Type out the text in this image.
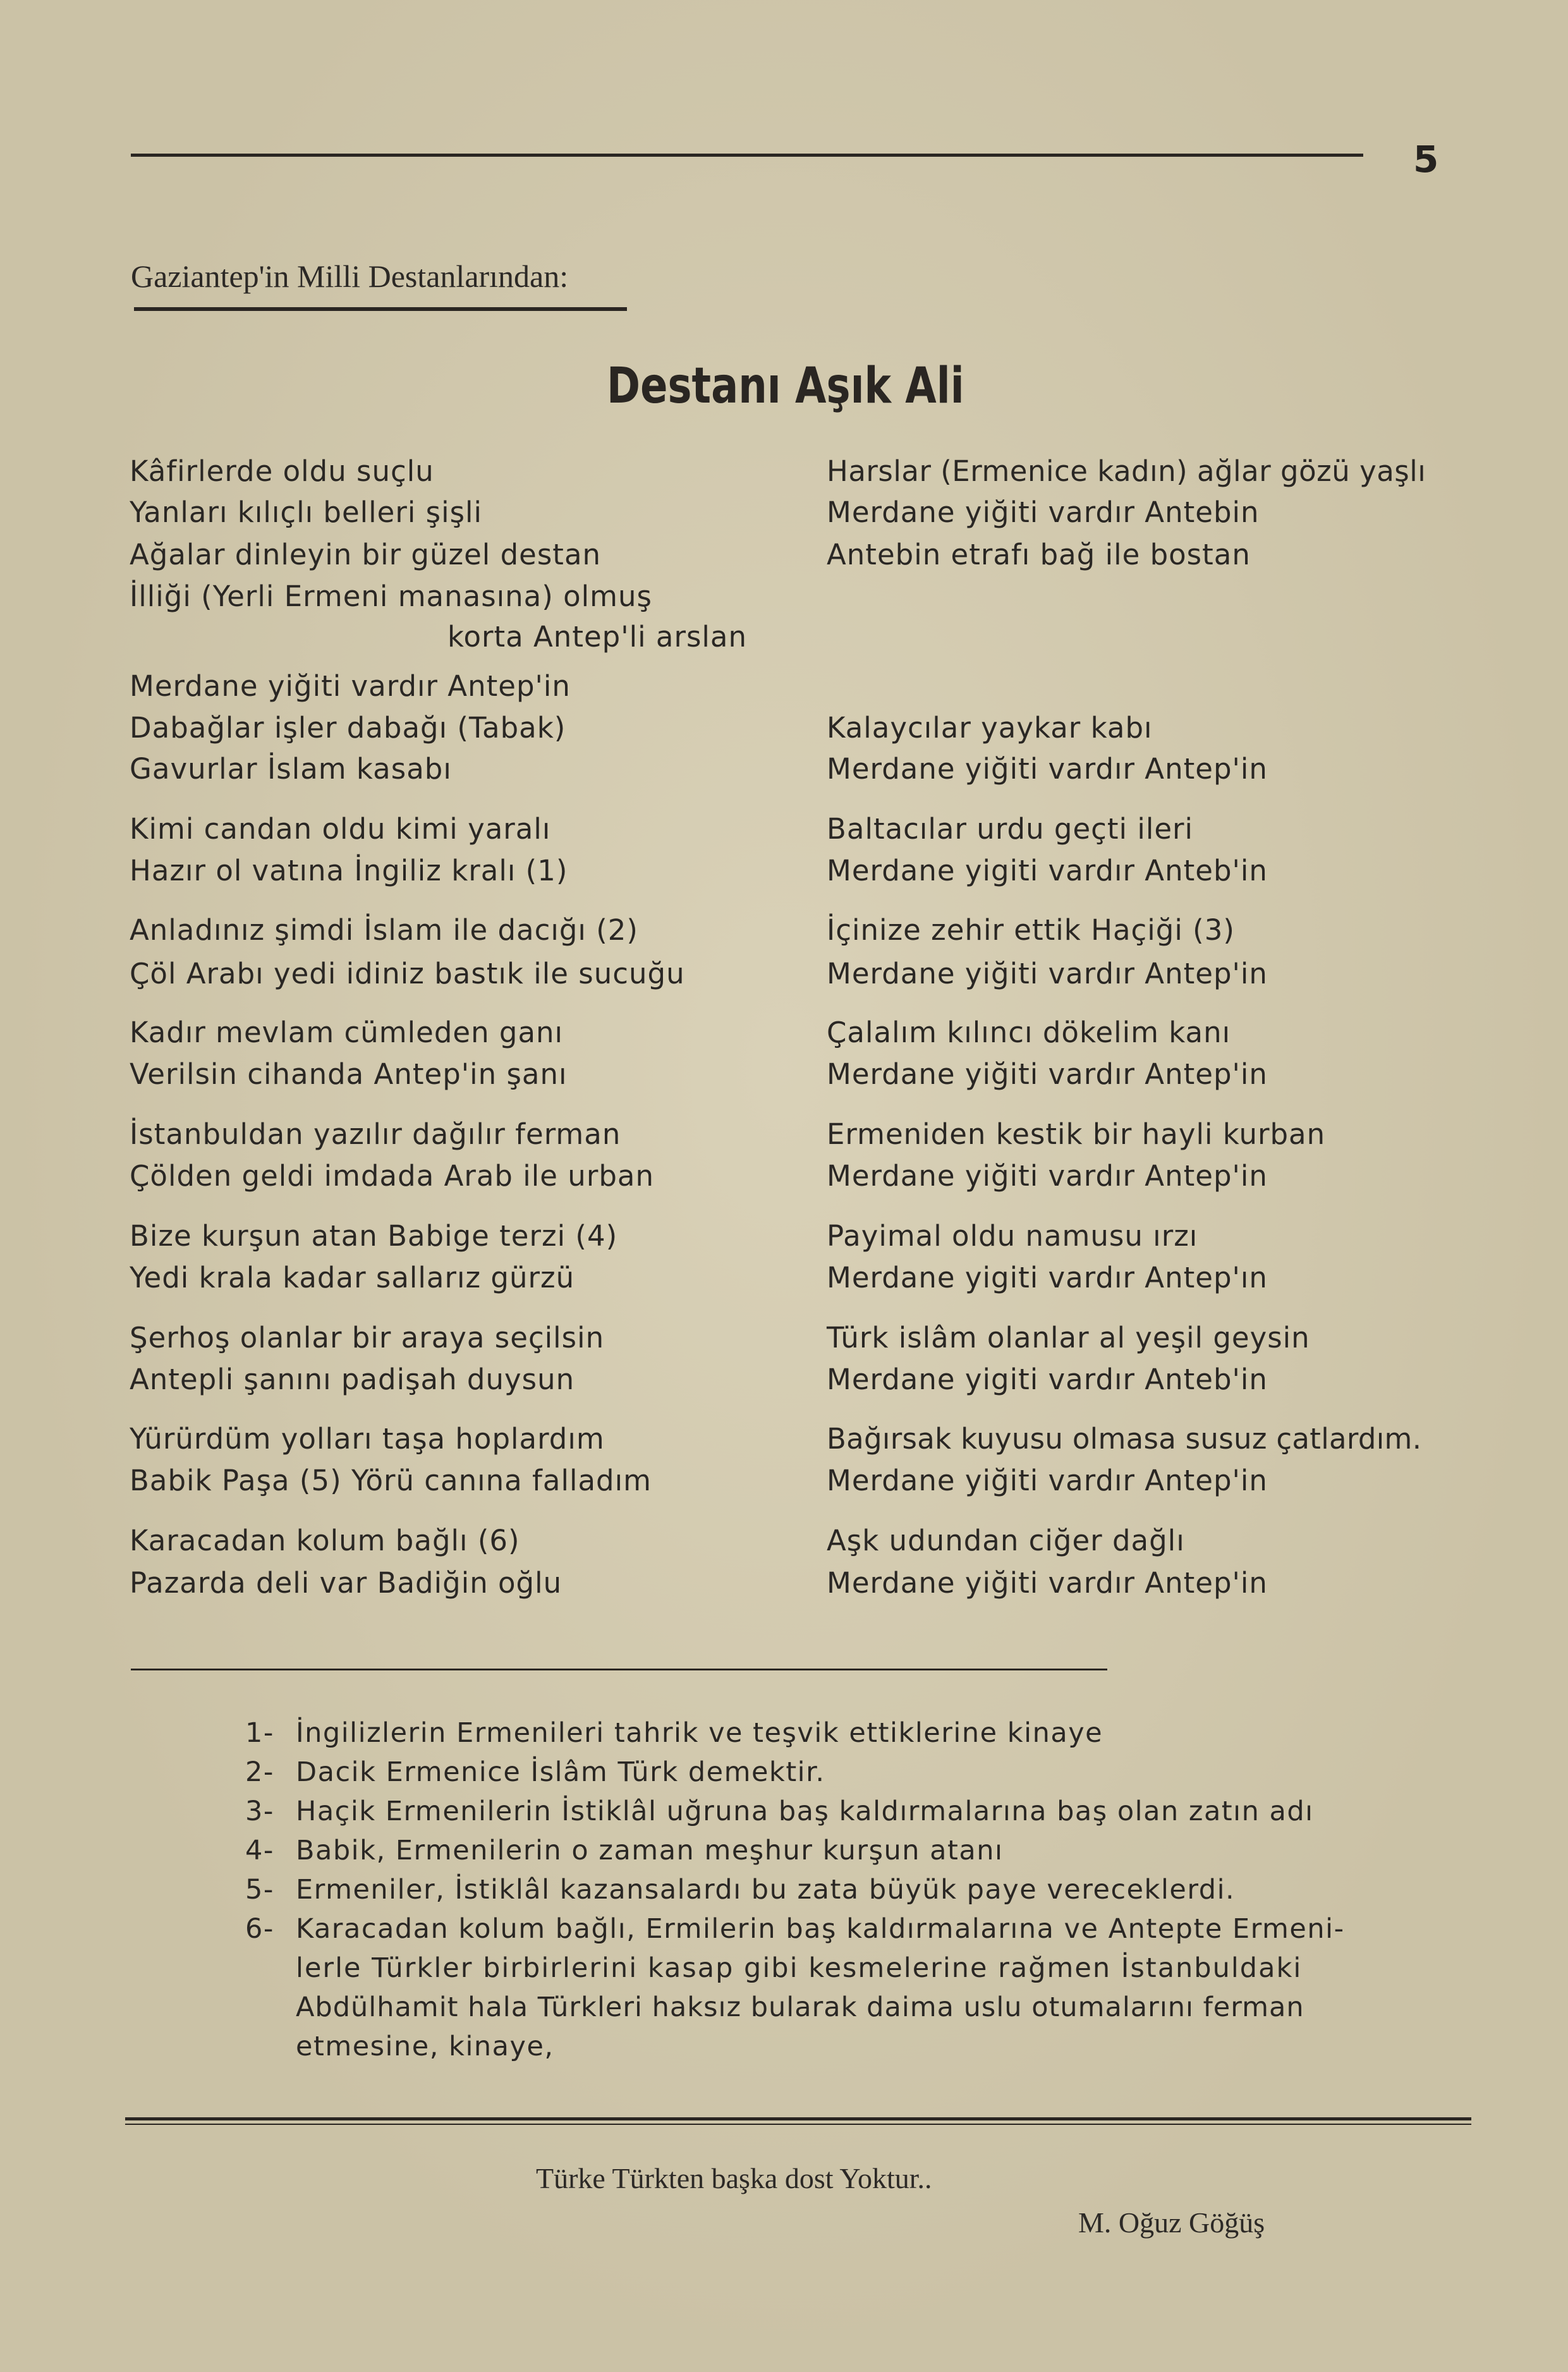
5
Gaziantep'in Milli Destanlarından:
Destanı Aşık Ali
Kâfirlerde oldu suçlu
Yanları kılıçlı belleri şişli
Ağalar dinleyin bir güzel destan
İlliği (Yerli Ermeni manasına) olmuş
korta Antep'li arslan
Merdane yiğiti vardır Antep'in
Dabağlar işler dabağı (Tabak)
Gavurlar İslam kasabı
Kimi candan oldu kimi yaralı
Hazır ol vatına İngiliz kralı (1)
Anladınız şimdi İslam ile dacığı (2)
Çöl Arabı yedi idiniz bastık ile sucuğu
Kadır mevlam cümleden ganı
Verilsin cihanda Antep'in şanı
İstanbuldan yazılır dağılır ferman
Çölden geldi imdada Arab ile urban
Bize kurşun atan Babige terzi (4)
Yedi krala kadar sallarız gürzü
Şerhoş olanlar bir araya seçilsin
Antepli şanını padişah duysun
Yürürdüm yolları taşa hoplardım
Babik Paşa (5) Yörü canına falladım
Karacadan kolum bağlı (6)
Pazarda deli var Badiğin oğlu
Harslar (Ermenice kadın) ağlar gözü yaşlı
Merdane yiğiti vardır Antebin
Antebin etrafı bağ ile bostan
Kalaycılar yaykar kabı
Merdane yiğiti vardır Antep'in
Baltacılar urdu geçti ileri
Merdane yigiti vardır Anteb'in
İçinize zehir ettik Haçiği (3)
Merdane yiğiti vardır Antep'in
Çalalım kılıncı dökelim kanı
Merdane yiğiti vardır Antep'in
Ermeniden kestik bir hayli kurban
Merdane yiğiti vardır Antep'in
Payimal oldu namusu ırzı
Merdane yigiti vardır Antep'ın
Türk islâm olanlar al yeşil geysin
Merdane yigiti vardır Anteb'in
Bağırsak kuyusu olmasa susuz çatlardım.
Merdane yiğiti vardır Antep'in
Aşk udundan ciğer dağlı
Merdane yiğiti vardır Antep'in
1- İngilizlerin Ermenileri tahrik ve teşvik ettiklerine kinaye
2- Dacik Ermenice İslâm Türk demektir.
3- Haçik Ermenilerin İstiklâl uğruna baş kaldırmalarına baş olan zatın adı
4- Babik, Ermenilerin o zaman meşhur kurşun atanı
5- Ermeniler, İstiklâl kazansalardı bu zata büyük paye vereceklerdi.
6- Karacadan kolum bağlı, Ermilerin baş kaldırmalarına ve Antepte Ermeni-
lerle Türkler birbirlerini kasap gibi kesmelerine rağmen İstanbuldaki
Abdülhamit hala Türkleri haksız bularak daima uslu otumalarını ferman
etmesine, kinaye,
Türke Türkten başka dost Yoktur..
M. Oğuz Göğüş
